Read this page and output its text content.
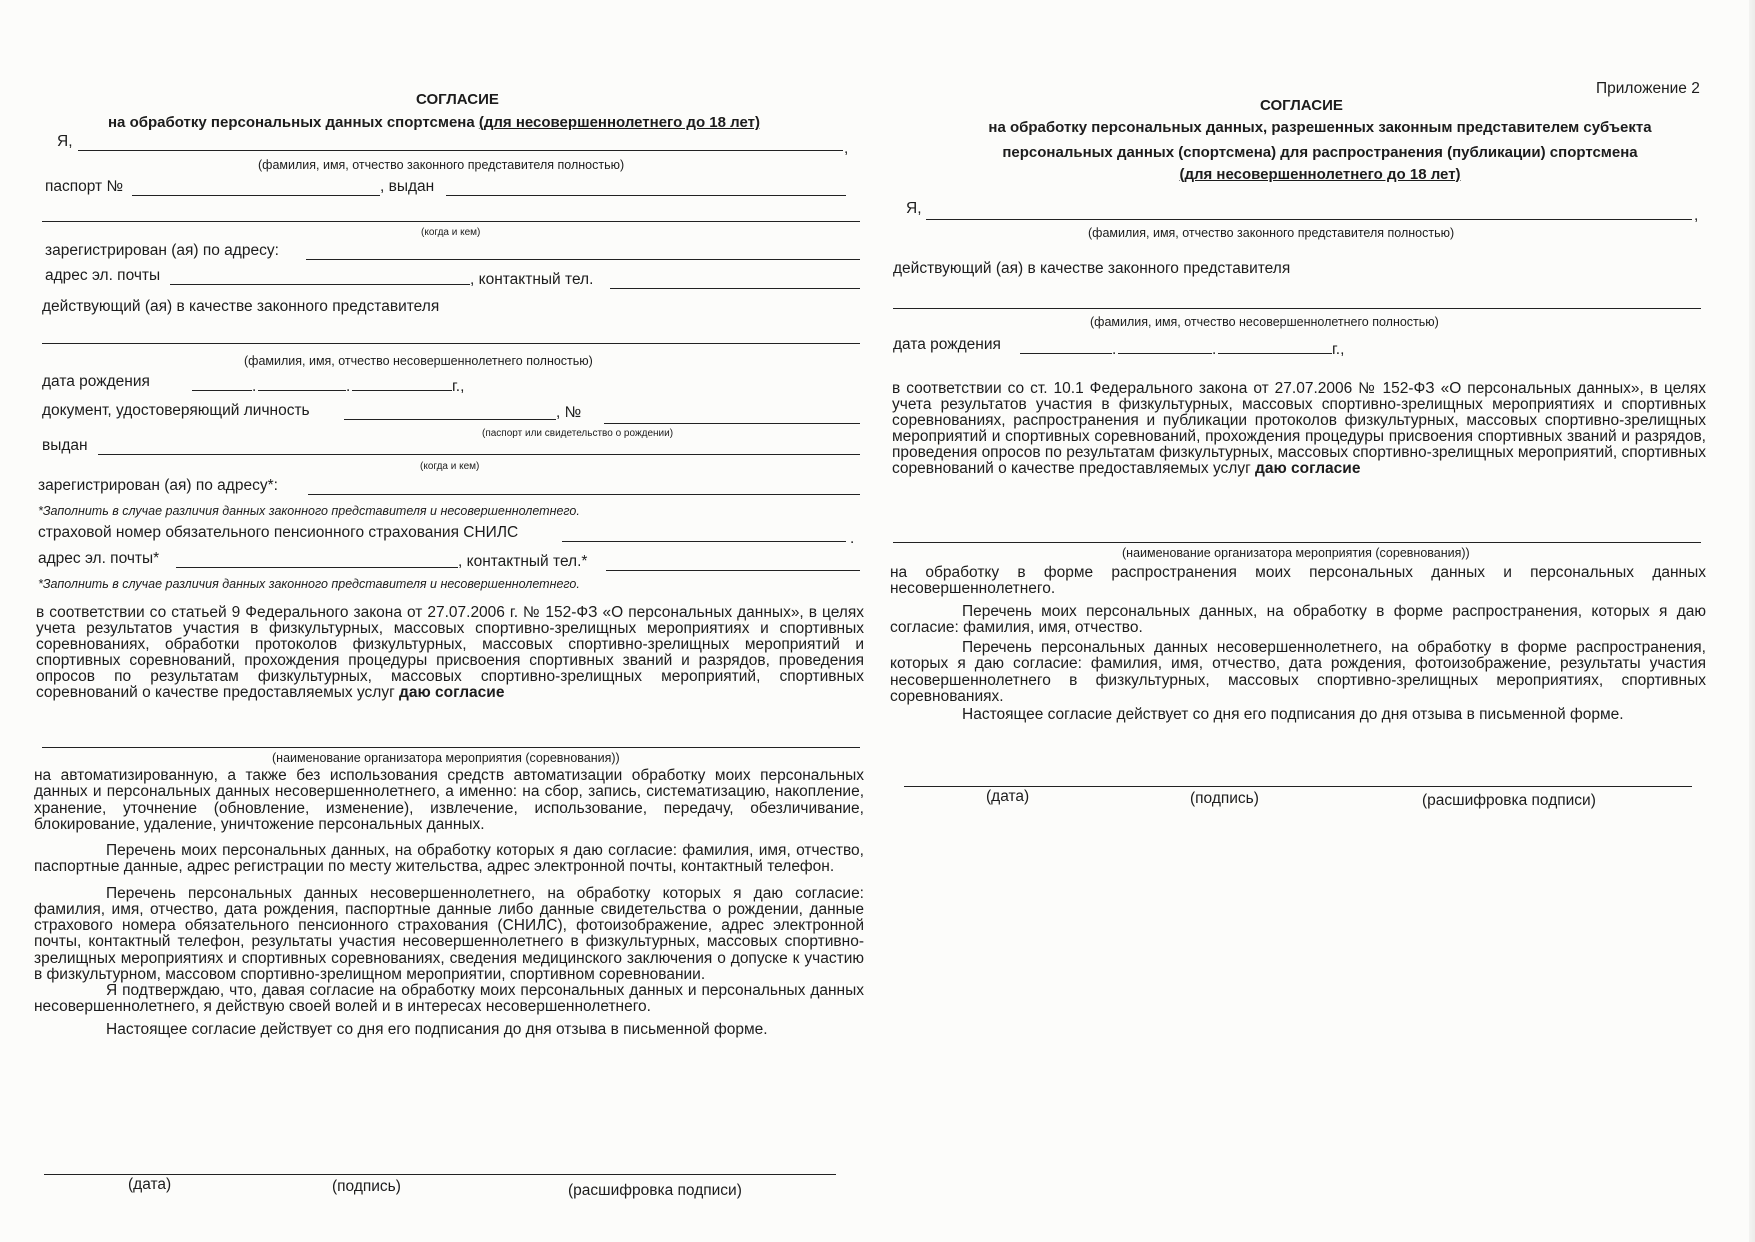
СОГЛАСИЕ
на обработку персональных данных спортсмена (для несовершеннолетнего до 18 лет)
Я,	,
(фамилия, имя, отчество законного представителя полностью)
паспорт №	, выдан
(когда и кем)
зарегистрирован (ая) по адресу:
адрес эл. почты	, контактный тел.
действующий (ая) в качестве законного представителя
(фамилия, имя, отчество несовершеннолетнего полностью)
дата рождения	.	.	г.,
документ, удостоверяющий личность	, №
(паспорт или свидетельство о рождении)
выдан
(когда и кем)
зарегистрирован (ая) по адресу*:
*Заполнить в случае различия данных законного представителя и несовершеннолетнего.
страховой номер обязательного пенсионного страхования СНИЛС	.
адрес эл. почты*	, контактный тел.*
*Заполнить в случае различия данных законного представителя и несовершеннолетнего.
в соответствии со статьей 9 Федерального закона от 27.07.2006 г. № 152-ФЗ «О персональных данных», в целях учета результатов участия в физкультурных, массовых спортивно-зрелищных мероприятиях и спортивных соревнованиях, обработки протоколов физкультурных, массовых спортивно-зрелищных мероприятий и спортивных соревнований, прохождения процедуры присвоения спортивных званий и разрядов, проведения опросов по результатам физкультурных, массовых спортивно-зрелищных мероприятий, спортивных соревнований о качестве предоставляемых услуг даю согласие
(наименование организатора мероприятия (соревнования))

на автоматизированную, а также без использования средств автоматизации обработку моих персональных данных и персональных данных несовершеннолетнего, а именно: на сбор, запись, систематизацию, накопление, хранение, уточнение (обновление, изменение), извлечение, использование, передачу, обезличивание, блокирование, удаление, уничтожение персональных данных.

Перечень моих персональных данных, на обработку которых я даю согласие: фамилия, имя, отчество, паспортные данные, адрес регистрации по месту жительства, адрес электронной почты, контактный телефон.

Перечень персональных данных несовершеннолетнего, на обработку которых я даю согласие: фамилия, имя, отчество, дата рождения, паспортные данные либо данные свидетельства о рождении, данные страхового номера обязательного пенсионного страхования (СНИЛС), фотоизображение, адрес электронной почты, контактный телефон, результаты участия несовершеннолетнего в физкультурных, массовых спортивно-зрелищных мероприятиях и спортивных соревнованиях, сведения медицинского заключения о допуске к участию в физкультурном, массовом спортивно-зрелищном мероприятии, спортивном соревновании.

Я подтверждаю, что, давая согласие на обработку моих персональных данных и персональных данных несовершеннолетнего, я действую своей волей и в интересах несовершеннолетнего.

Настоящее согласие действует со дня его подписания до дня отзыва в письменной форме.

(дата)	(подпись)	(расшифровка подписи)
Приложение 2
СОГЛАСИЕ
на обработку персональных данных, разрешенных законным представителем субъекта
персональных данных (спортсмена) для распространения (публикации) спортсмена
(для несовершеннолетнего до 18 лет)
Я,	,
(фамилия, имя, отчество законного представителя полностью)
действующий (ая) в качестве законного представителя
(фамилия, имя, отчество несовершеннолетнего полностью)
дата рождения	.	.	г.,
в соответствии со ст. 10.1 Федерального закона от 27.07.2006 № 152-ФЗ «О персональных данных», в целях учета результатов участия в физкультурных, массовых спортивно-зрелищных мероприятиях и спортивных соревнованиях, распространения и публикации протоколов физкультурных, массовых спортивно-зрелищных мероприятий и спортивных соревнований, прохождения процедуры присвоения спортивных званий и разрядов, проведения опросов по результатам физкультурных, массовых спортивно-зрелищных мероприятий, спортивных соревнований о качестве предоставляемых услуг даю согласие
(наименование организатора мероприятия (соревнования))

на обработку в форме распространения моих персональных данных и персональных данных несовершеннолетнего.

Перечень моих персональных данных, на обработку в форме распространения, которых я даю согласие: фамилия, имя, отчество.

Перечень персональных данных несовершеннолетнего, на обработку в форме распространения, которых я даю согласие: фамилия, имя, отчество, дата рождения, фотоизображение, результаты участия несовершеннолетнего в физкультурных, массовых спортивно-зрелищных мероприятиях, спортивных соревнованиях.

Настоящее согласие действует со дня его подписания до дня отзыва в письменной форме.

(дата)	(подпись)	(расшифровка подписи)
